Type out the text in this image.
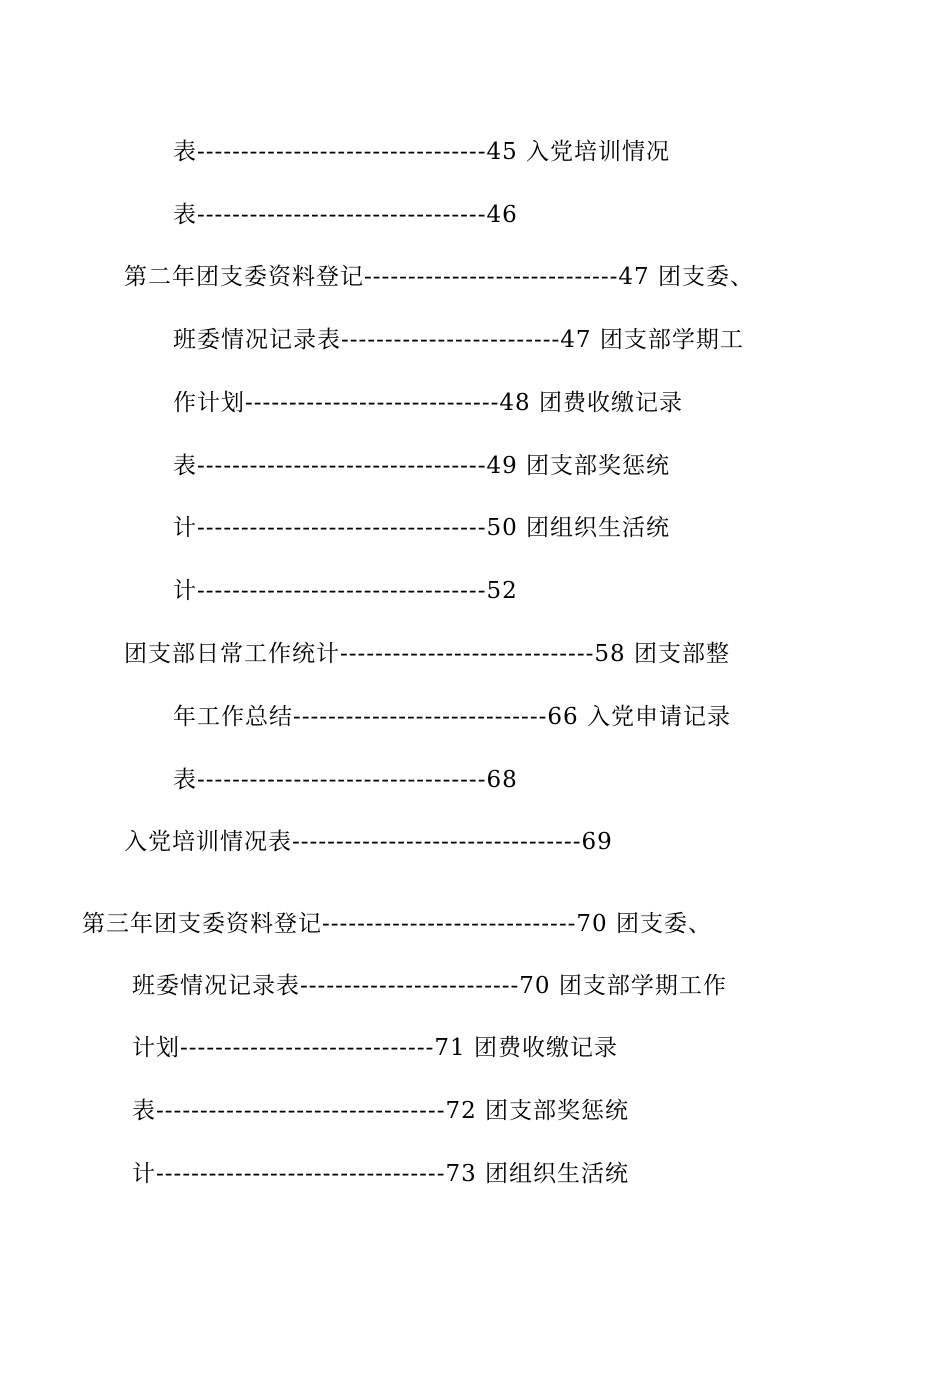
表---------------------------------45 入党培训情况
表---------------------------------46
第二年团支委资料登记-----------------------------47 团支委、
班委情况记录表-------------------------47 团支部学期工
作计划-----------------------------48 团费收缴记录
表---------------------------------49 团支部奖惩统
计---------------------------------50 团组织生活统
计---------------------------------52
团支部日常工作统计-----------------------------58 团支部整
年工作总结-----------------------------66 入党申请记录
表---------------------------------68
入党培训情况表---------------------------------69
第三年团支委资料登记-----------------------------70 团支委、
班委情况记录表-------------------------70 团支部学期工作
计划-----------------------------71 团费收缴记录
表---------------------------------72 团支部奖惩统
计---------------------------------73 团组织生活统
